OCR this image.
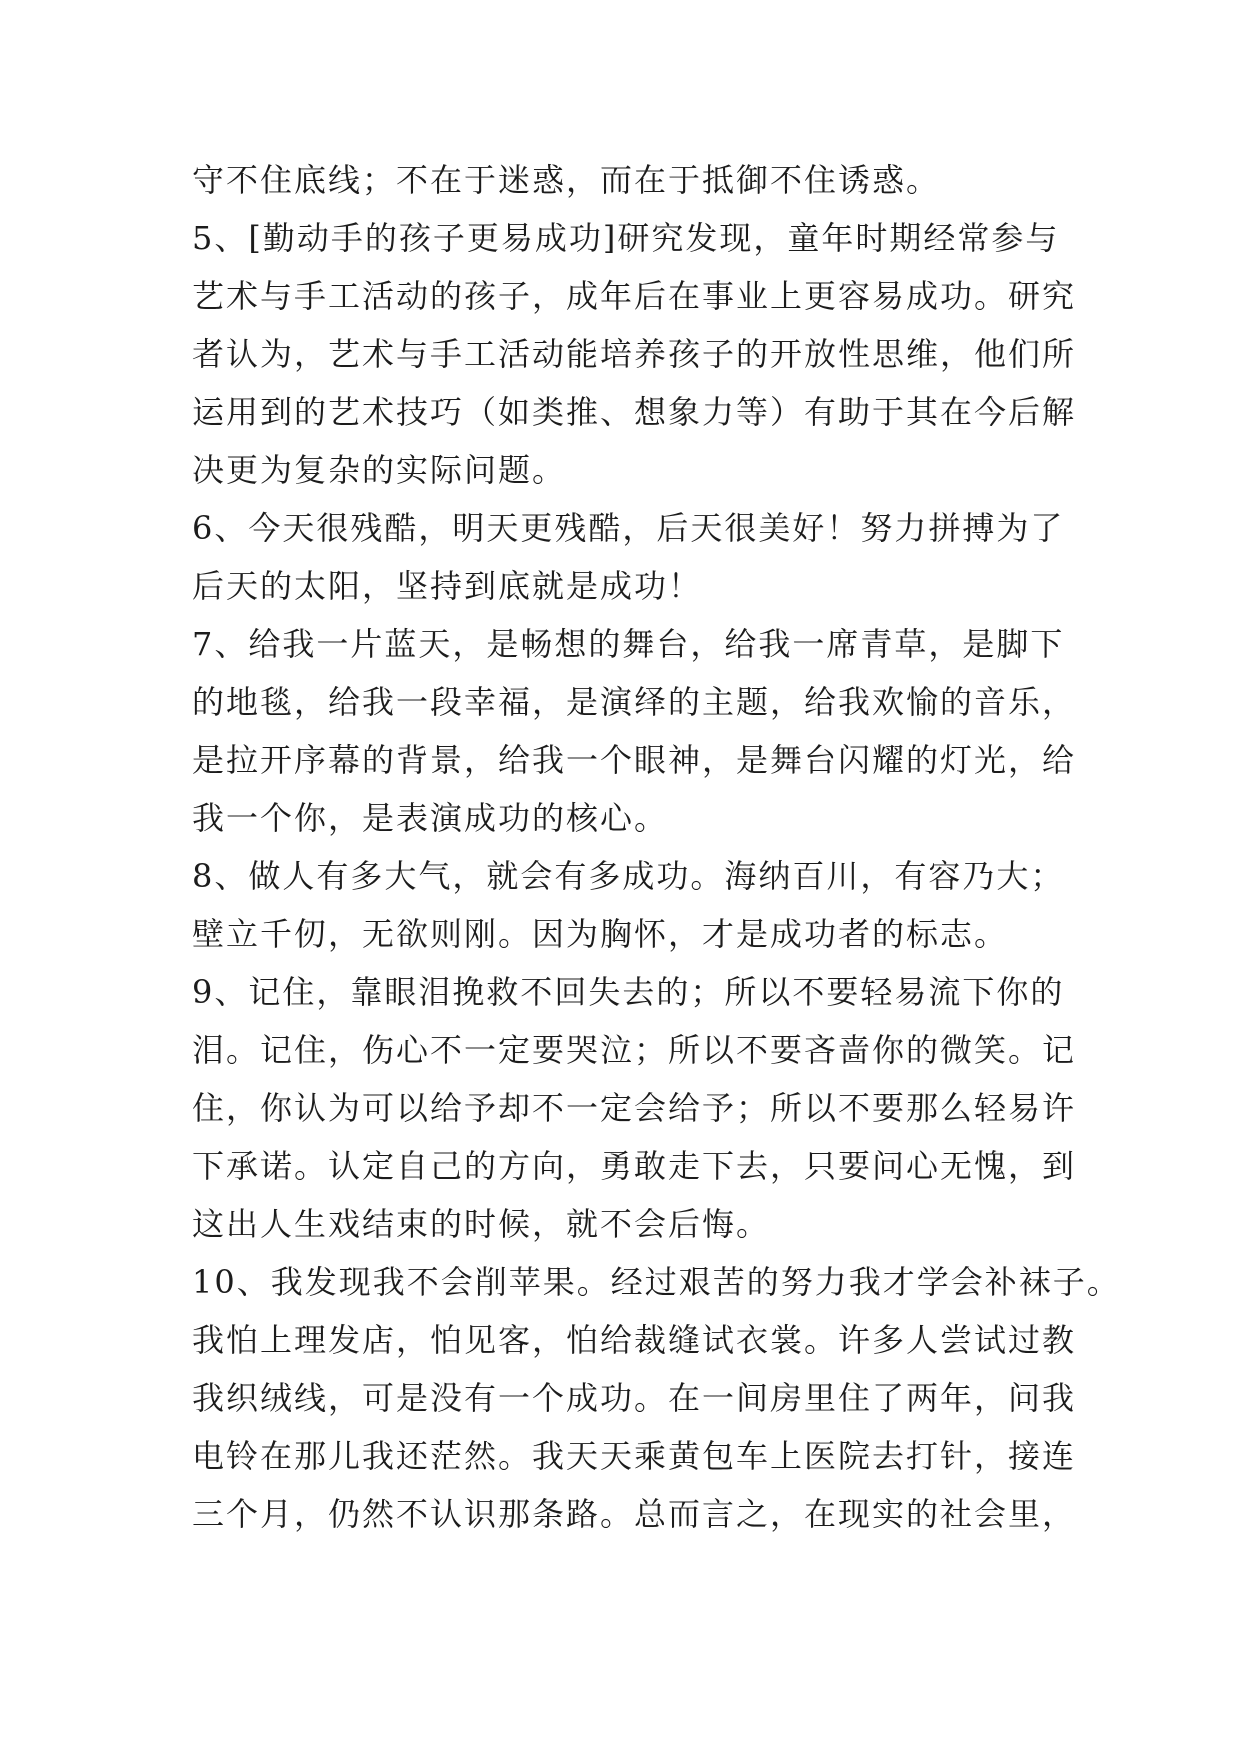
守不住底线；不在于迷惑，而在于抵御不住诱惑。
5、[勤动手的孩子更易成功]研究发现，童年时期经常参与
艺术与手工活动的孩子，成年后在事业上更容易成功。研究
者认为，艺术与手工活动能培养孩子的开放性思维，他们所
运用到的艺术技巧（如类推、想象力等）有助于其在今后解
决更为复杂的实际问题。
6、今天很残酷，明天更残酷，后天很美好！努力拼搏为了
后天的太阳，坚持到底就是成功！
7、给我一片蓝天，是畅想的舞台，给我一席青草，是脚下
的地毯，给我一段幸福，是演绎的主题，给我欢愉的音乐，
是拉开序幕的背景，给我一个眼神，是舞台闪耀的灯光，给
我一个你，是表演成功的核心。
8、做人有多大气，就会有多成功。海纳百川，有容乃大；
壁立千仞，无欲则刚。因为胸怀，才是成功者的标志。
9、记住，靠眼泪挽救不回失去的；所以不要轻易流下你的
泪。记住，伤心不一定要哭泣；所以不要吝啬你的微笑。记
住，你认为可以给予却不一定会给予；所以不要那么轻易许
下承诺。认定自己的方向，勇敢走下去，只要问心无愧，到
这出人生戏结束的时候，就不会后悔。
10、我发现我不会削苹果。经过艰苦的努力我才学会补袜子。
我怕上理发店，怕见客，怕给裁缝试衣裳。许多人尝试过教
我织绒线，可是没有一个成功。在一间房里住了两年，问我
电铃在那儿我还茫然。我天天乘黄包车上医院去打针，接连
三个月，仍然不认识那条路。总而言之，在现实的社会里，
